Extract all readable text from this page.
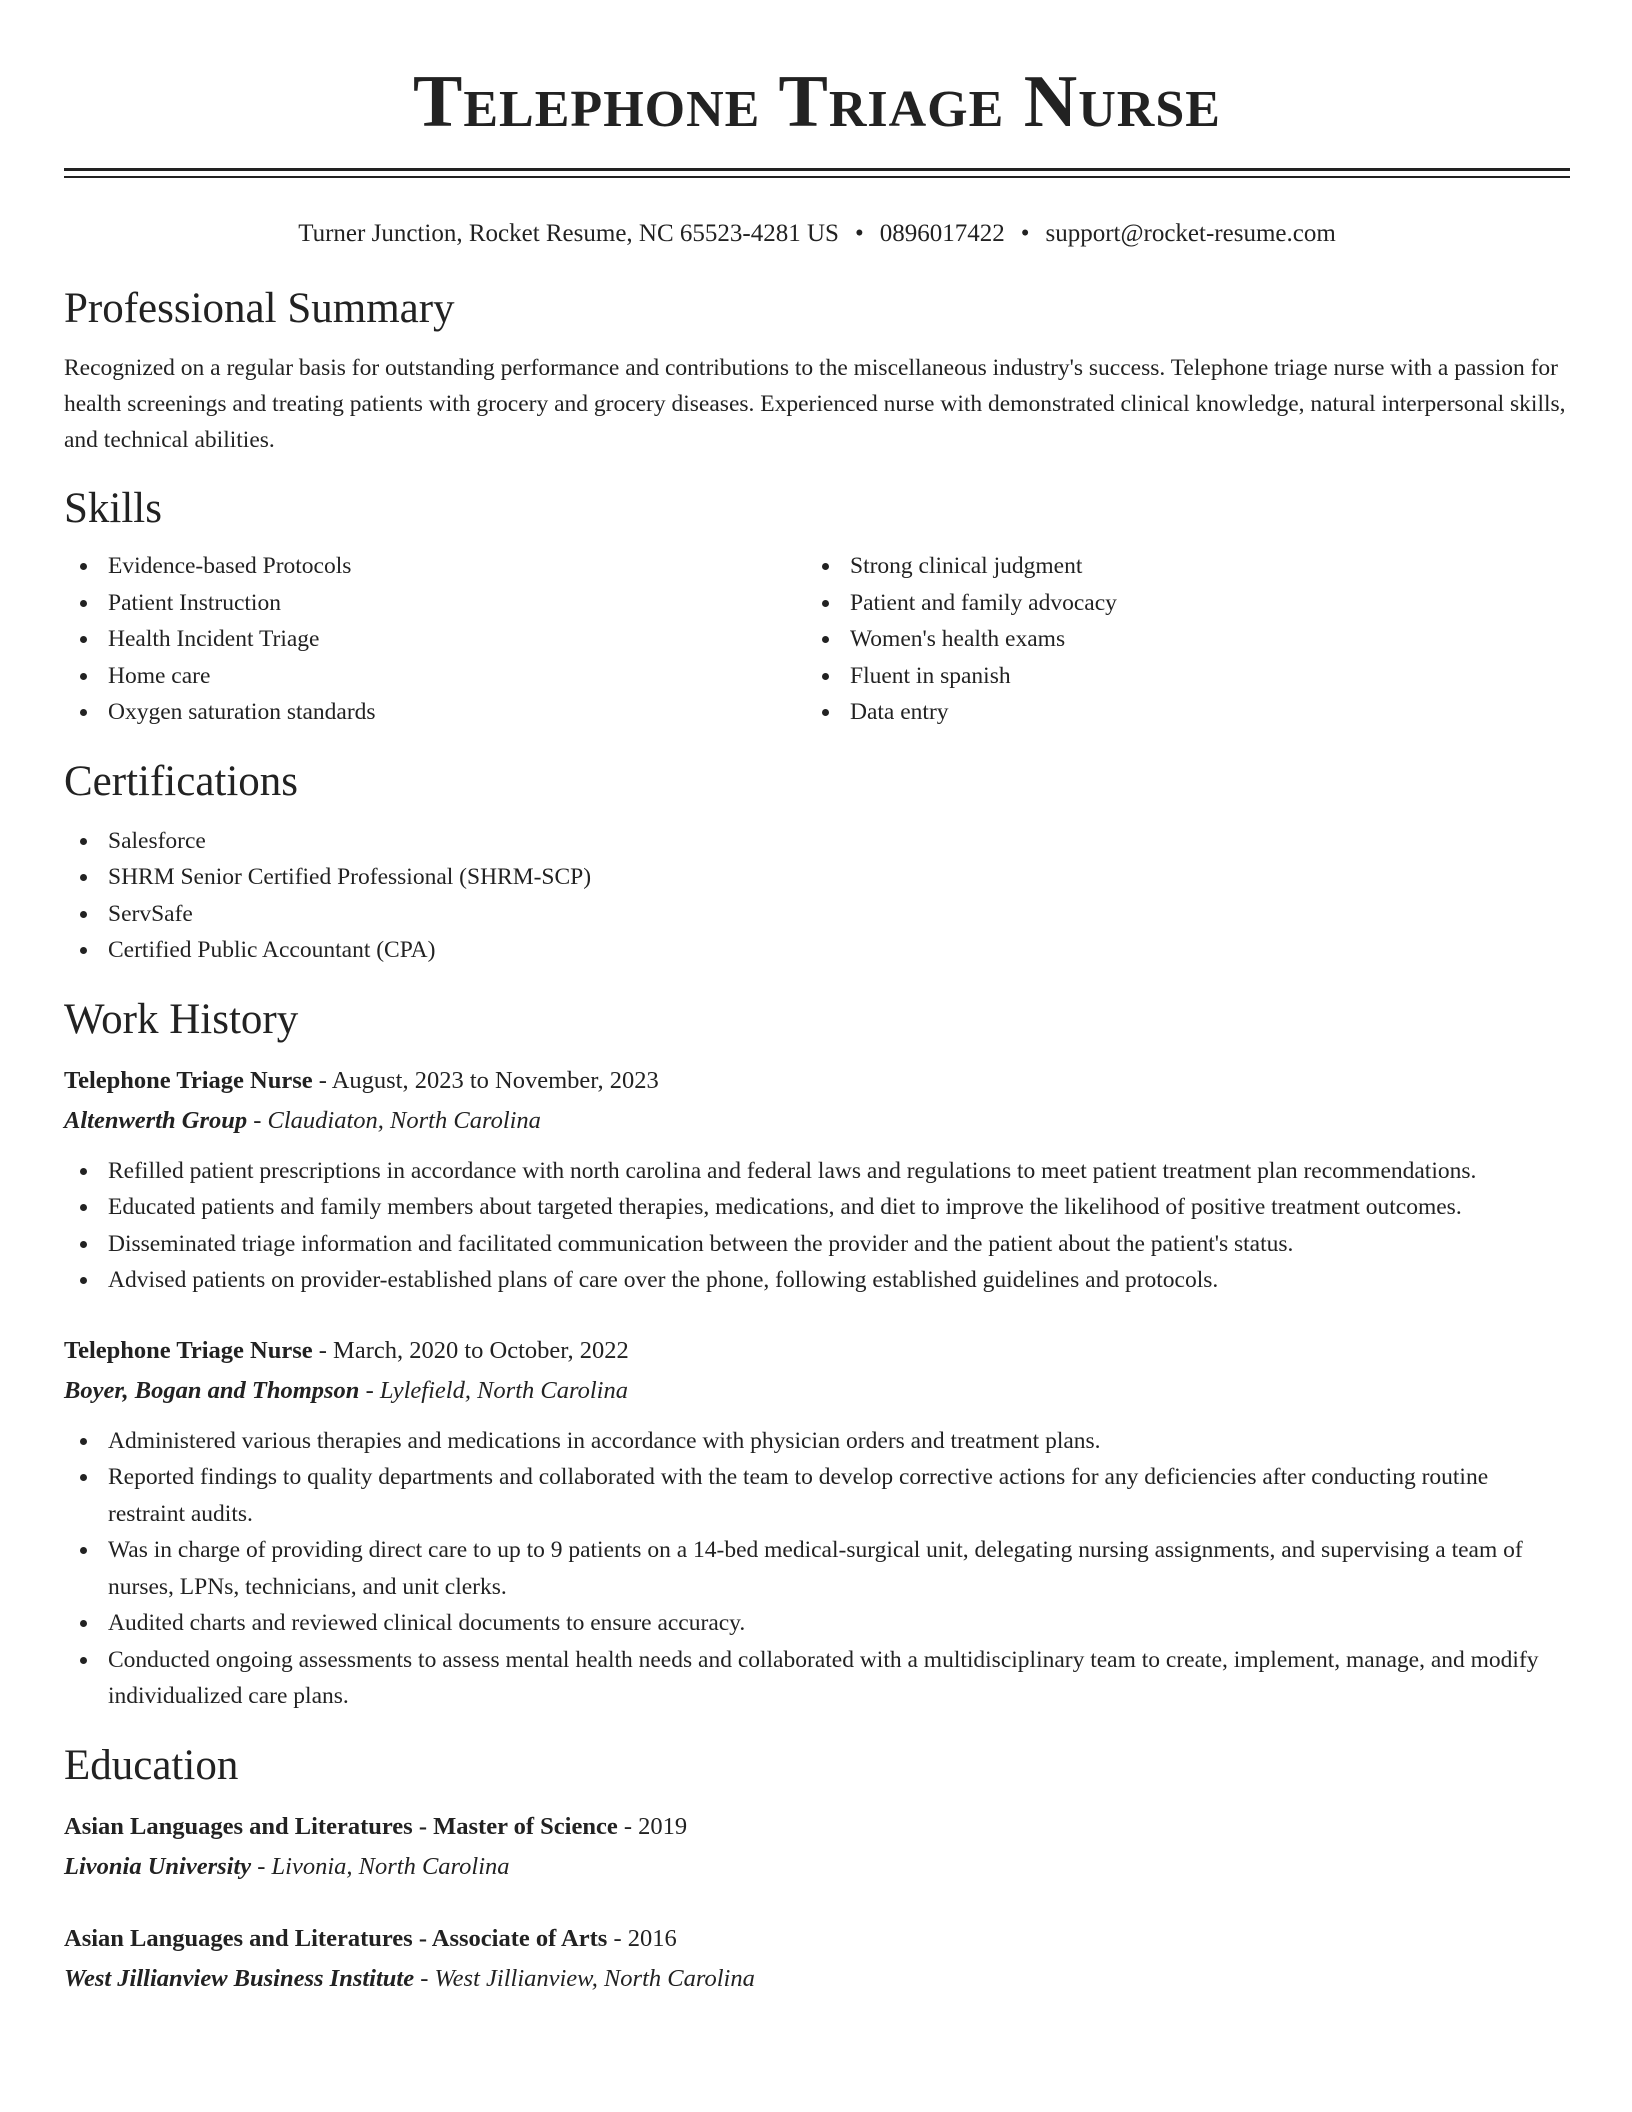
Telephone Triage Nurse
Turner Junction, Rocket Resume, NC 65523-4281 US • 0896017422 • support@rocket-resume.com
Professional Summary

Recognized on a regular basis for outstanding performance and contributions to the miscellaneous industry's success. Telephone triage nurse with a passion for health screenings and treating patients with grocery and grocery diseases. Experienced nurse with demonstrated clinical knowledge, natural interpersonal skills, and technical abilities.

Skills
Evidence-based Protocols
Patient Instruction
Health Incident Triage
Home care
Oxygen saturation standards
Strong clinical judgment
Patient and family advocacy
Women's health exams
Fluent in spanish
Data entry
Certifications
Salesforce
SHRM Senior Certified Professional (SHRM-SCP)
ServSafe
Certified Public Accountant (CPA)
Work History
Telephone Triage Nurse - August, 2023 to November, 2023
Altenwerth Group - Claudiaton, North Carolina
Refilled patient prescriptions in accordance with north carolina and federal laws and regulations to meet patient treatment plan recommendations.
Educated patients and family members about targeted therapies, medications, and diet to improve the likelihood of positive treatment outcomes.
Disseminated triage information and facilitated communication between the provider and the patient about the patient's status.
Advised patients on provider-established plans of care over the phone, following established guidelines and protocols.
Telephone Triage Nurse - March, 2020 to October, 2022
Boyer, Bogan and Thompson - Lylefield, North Carolina
Administered various therapies and medications in accordance with physician orders and treatment plans.
Reported findings to quality departments and collaborated with the team to develop corrective actions for any deficiencies after conducting routine restraint audits.
Was in charge of providing direct care to up to 9 patients on a 14-bed medical-surgical unit, delegating nursing assignments, and supervising a team of nurses, LPNs, technicians, and unit clerks.
Audited charts and reviewed clinical documents to ensure accuracy.
Conducted ongoing assessments to assess mental health needs and collaborated with a multidisciplinary team to create, implement, manage, and modify individualized care plans.
Education
Asian Languages and Literatures - Master of Science - 2019
Livonia University - Livonia, North Carolina
Asian Languages and Literatures - Associate of Arts - 2016
West Jillianview Business Institute - West Jillianview, North Carolina
